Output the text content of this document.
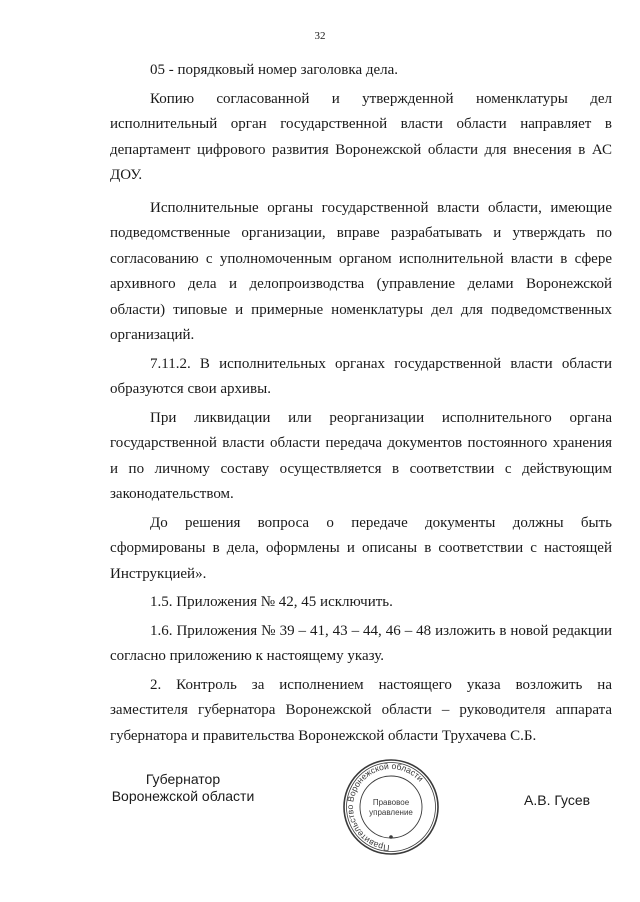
32

05 - порядковый номер заголовка дела.

Копию согласованной и утвержденной номенклатуры дел исполнительный орган государственной власти области направляет в департамент цифрового развития Воронежской области для внесения в АС ДОУ.

Исполнительные органы государственной власти области, имеющие подведомственные организации, вправе разрабатывать и утверждать по согласованию с уполномоченным органом исполнительной власти в сфере архивного дела и делопроизводства (управление делами Воронежской области) типовые и примерные номенклатуры дел для подведомственных организаций.

7.11.2. В исполнительных органах государственной власти области образуются свои архивы.

При ликвидации или реорганизации исполнительного органа государственной власти области передача документов постоянного хранения и по личному составу осуществляется в соответствии с действующим законодательством.

До решения вопроса о передаче документы должны быть сформированы в дела, оформлены и описаны в соответствии с настоящей Инструкцией».

1.5. Приложения № 42, 45 исключить.

1.6. Приложения № 39 – 41, 43 – 44, 46 – 48 изложить в новой редакции согласно приложению к настоящему указу.

2. Контроль за исполнением настоящего указа возложить на заместителя губернатора Воронежской области – руководителя аппарата губернатора и правительства Воронежской области Трухачева С.Б.

Губернатор
Воронежской области
Правительство Воронежской области
Правовое
управление
А.В. Гусев
